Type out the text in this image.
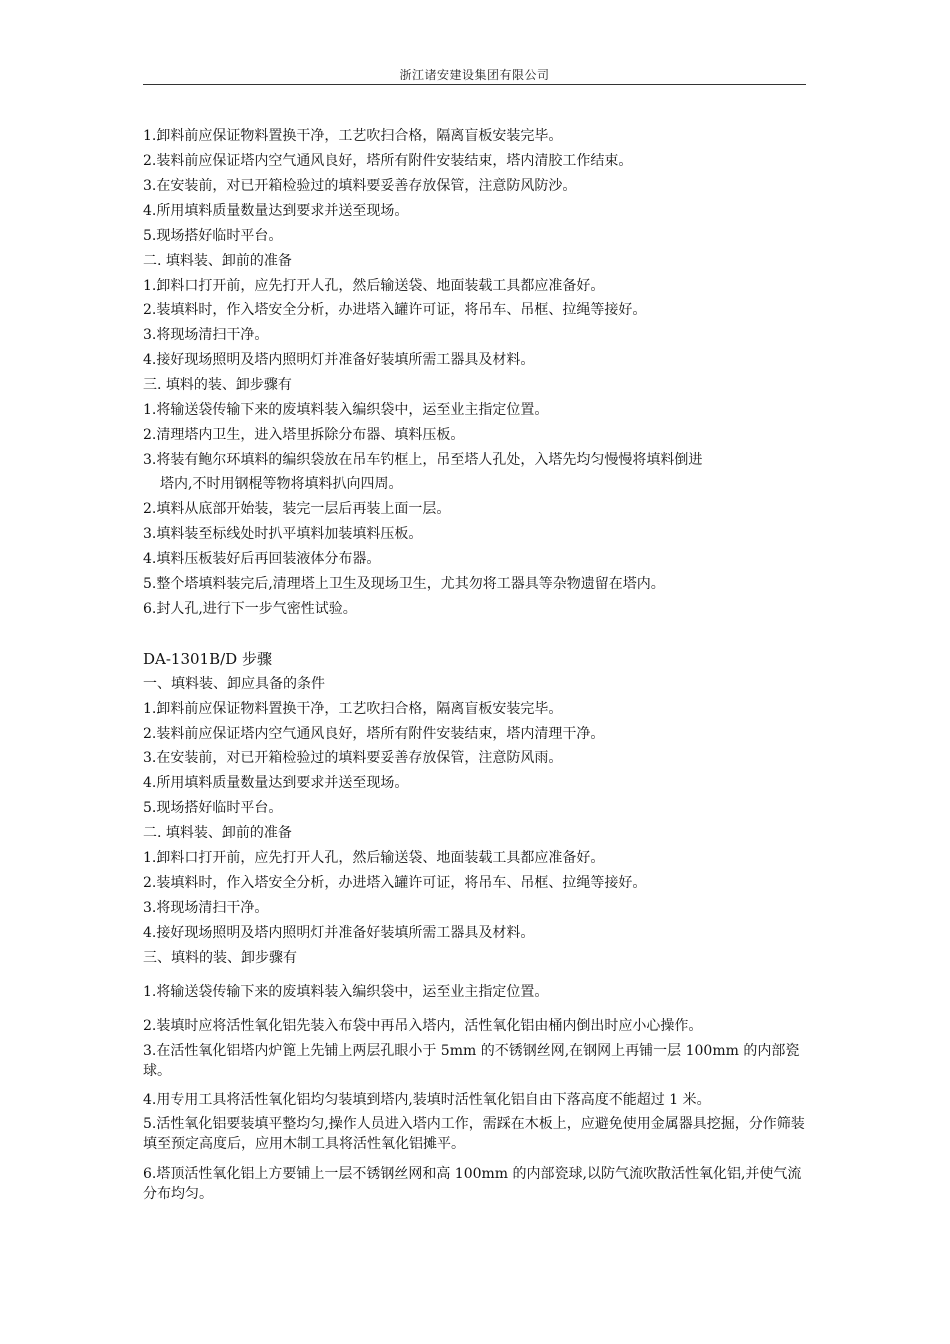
浙江诸安建设集团有限公司
1.卸料前应保证物料置换干净，工艺吹扫合格，隔离盲板安装完毕。
2.装料前应保证塔内空气通风良好，塔所有附件安装结束，塔内清胶工作结束。
3.在安装前，对已开箱检验过的填料要妥善存放保管，注意防风防沙。
4.所用填料质量数量达到要求并送至现场。
5.现场搭好临时平台。
二. 填料装、卸前的准备
1.卸料口打开前，应先打开人孔，然后输送袋、地面装载工具都应准备好。
2.装填料时，作入塔安全分析，办进塔入罐许可证，将吊车、吊框、拉绳等接好。
3.将现场清扫干净。
4.接好现场照明及塔内照明灯并准备好装填所需工器具及材料。
三. 填料的装、卸步骤有
1.将输送袋传输下来的废填料装入编织袋中，运至业主指定位置。
2.清理塔内卫生，进入塔里拆除分布器、填料压板。
3.将装有鲍尔环填料的编织袋放在吊车钓框上，吊至塔人孔处，入塔先均匀慢慢将填料倒进
塔内,不时用钢棍等物将填料扒向四周。
2.填料从底部开始装，装完一层后再装上面一层。
3.填料装至标线处时扒平填料加装填料压板。
4.填料压板装好后再回装液体分布器。
5.整个塔填料装完后,清理塔上卫生及现场卫生，尤其勿将工器具等杂物遗留在塔内。
6.封人孔,进行下一步气密性试验。
DA-1301B/D 步骤
一、填料装、卸应具备的条件
1.卸料前应保证物料置换干净，工艺吹扫合格，隔离盲板安装完毕。
2.装料前应保证塔内空气通风良好，塔所有附件安装结束，塔内清理干净。
3.在安装前，对已开箱检验过的填料要妥善存放保管，注意防风雨。
4.所用填料质量数量达到要求并送至现场。
5.现场搭好临时平台。
二. 填料装、卸前的准备
1.卸料口打开前，应先打开人孔，然后输送袋、地面装载工具都应准备好。
2.装填料时，作入塔安全分析，办进塔入罐许可证，将吊车、吊框、拉绳等接好。
3.将现场清扫干净。
4.接好现场照明及塔内照明灯并准备好装填所需工器具及材料。
三、填料的装、卸步骤有
1.将输送袋传输下来的废填料装入编织袋中，运至业主指定位置。
2.装填时应将活性氧化铝先装入布袋中再吊入塔内，活性氧化铝由桶内倒出时应小心操作。
3.在活性氧化铝塔内炉篦上先铺上两层孔眼小于 5mm 的不锈钢丝网,在钢网上再铺一层 100mm 的内部瓷球。
4.用专用工具将活性氧化铝均匀装填到塔内,装填时活性氧化铝自由下落高度不能超过 1 米。
5.活性氧化铝要装填平整均匀,操作人员进入塔内工作，需踩在木板上，应避免使用金属器具挖掘，分作筛装填至预定高度后，应用木制工具将活性氧化铝摊平。
6.塔顶活性氧化铝上方要铺上一层不锈钢丝网和高 100mm 的内部瓷球,以防气流吹散活性氧化铝,并使气流分布均匀。
